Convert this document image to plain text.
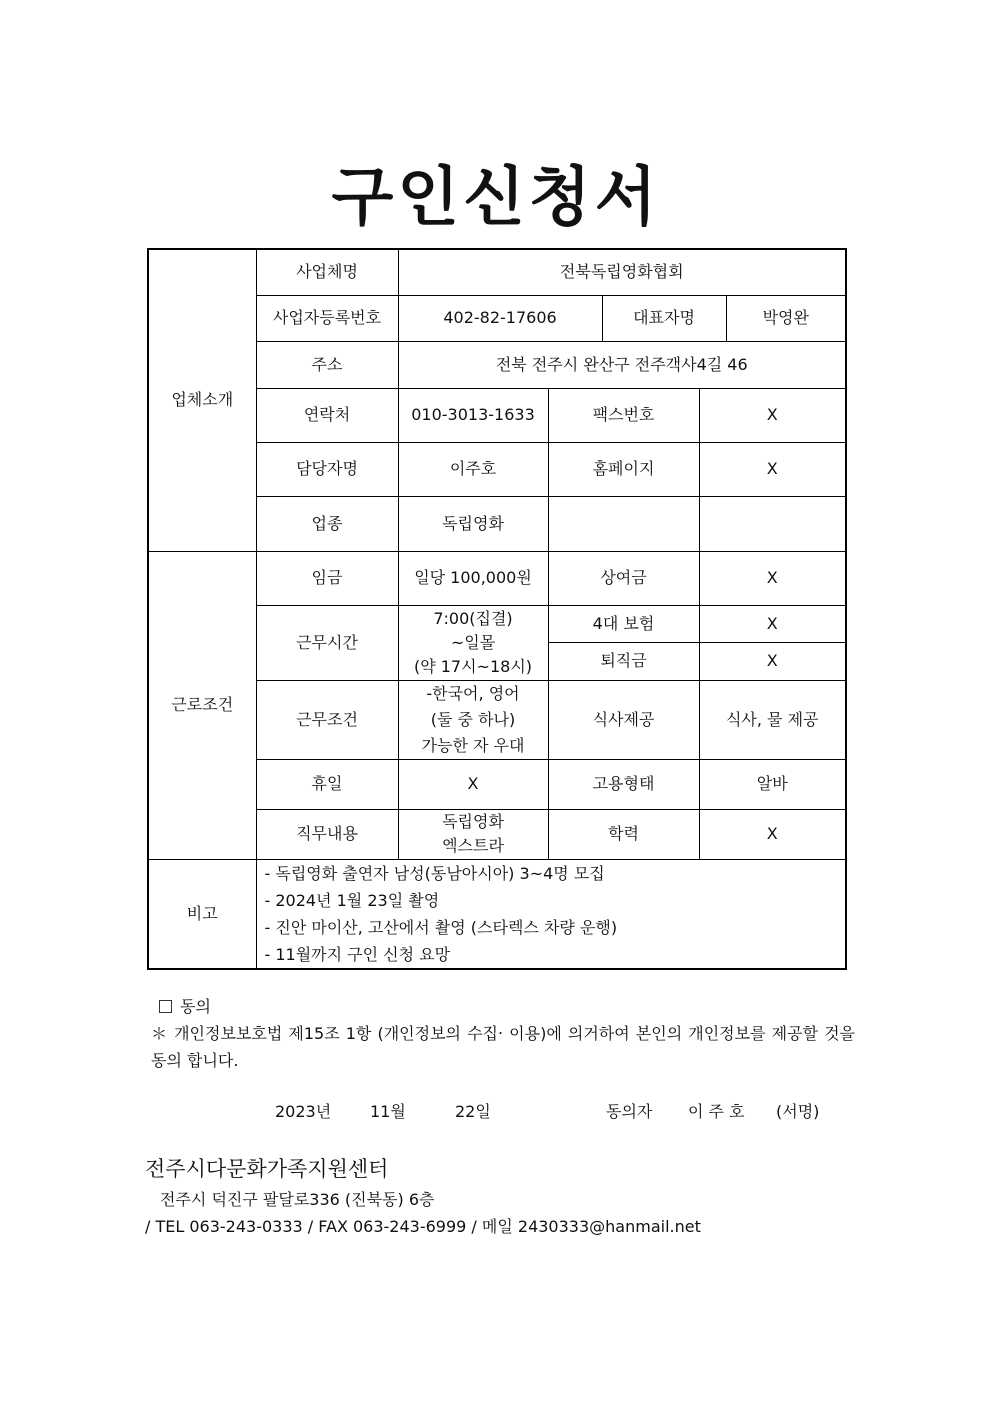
구인신청서
업체소개	사업체명	전북독립영화협회				
	사업자등록번호	402-82-17606		대표자명		박영완
	주소	전북 전주시 완산구 전주객사4길 46				
	연락처	010-3013-1633	팩스번호		X	
	담당자명	이주호	홈페이지		X	
	업종	독립영화				
근로조건	임금	일당 100,000원	상여금		X	
	근무시간	7:00(집결)
~일몰
(약 17시~18시)	4대 보험		X	
			퇴직금		X	
	근무조건	-한국어, 영어
(둘 중 하나)
가능한 자 우대	식사제공		식사, 물 제공	
	휴일	X	고용형태		알바	
	직무내용	독립영화
엑스트라	학력		X	

비고	- 독립영화 출연자 남성(동남아시아) 3~4명 모집
- 2024년 1월 23일 촬영
- 진안 마이산, 고산에서 촬영 (스타렉스 차량 운행)
- 11월까지 구인 신청 요망					
동의
＊ 개인정보보호법 제15조 1항 (개인정보의 수집‧ 이용)에 의거하여 본인의 개인정보를 제공할 것을 동의 합니다.
2023년 11월	22일	동의자 이 주 호 (서명)
전주시다문화가족지원센터
전주시 덕진구 팔달로336 (진북동) 6층
/ TEL 063-243-0333 / FAX 063-243-6999 / 메일 2430333@hanmail.net
